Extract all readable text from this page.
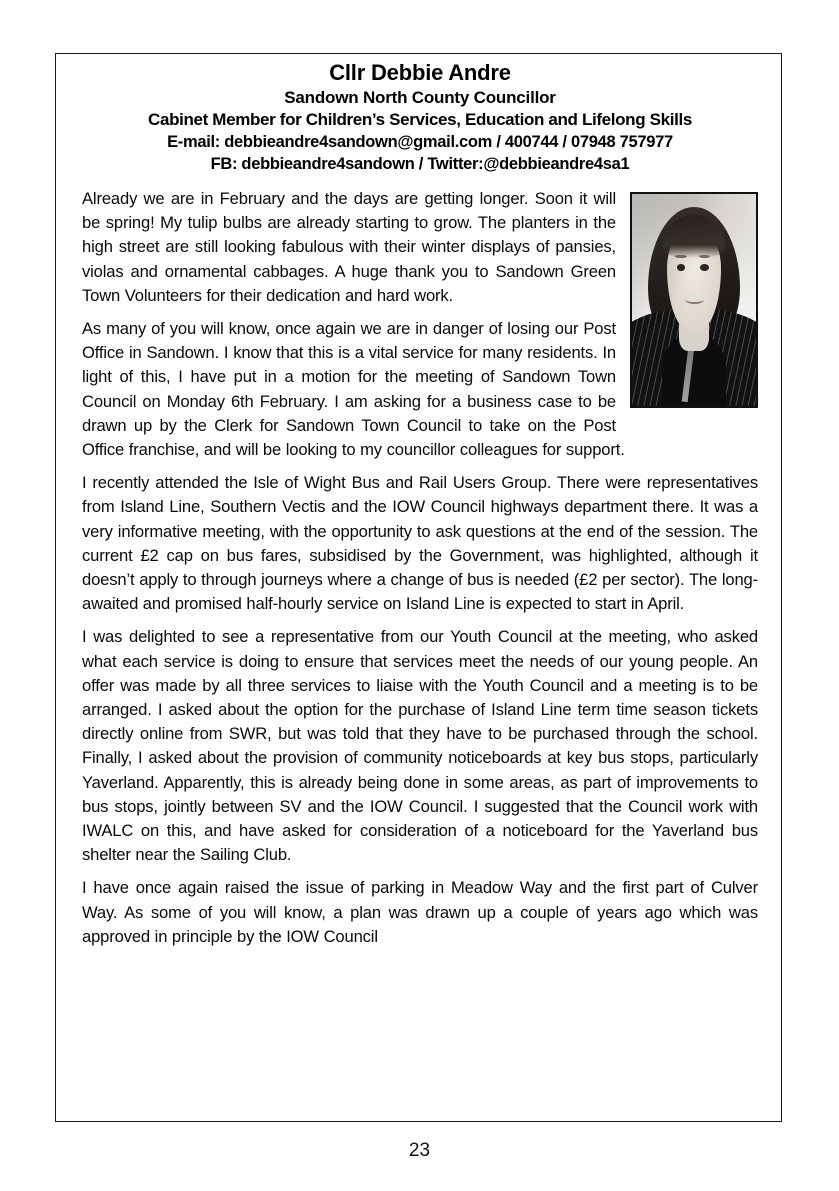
Cllr Debbie Andre
Sandown North County Councillor
Cabinet Member for Children’s Services, Education and Lifelong Skills
E-mail: debbieandre4sandown@gmail.com / 400744 / 07948 757977
FB: debbieandre4sandown / Twitter:@debbieandre4sa1

Already we are in February and the days are getting longer. Soon it will be spring! My tulip bulbs are already starting to grow. The planters in the high street are still looking fabulous with their winter displays of pansies, violas and ornamental cabbages. A huge thank you to Sandown Green Town Volunteers for their dedication and hard work.

As many of you will know, once again we are in danger of losing our Post Office in Sandown. I know that this is a vital service for many residents. In light of this, I have put in a motion for the meeting of Sandown Town Council on Monday 6th February. I am asking for a business case to be drawn up by the Clerk for Sandown Town Council to take on the Post Office franchise, and will be looking to my councillor colleagues for support.

I recently attended the Isle of Wight Bus and Rail Users Group. There were representatives from Island Line, Southern Vectis and the IOW Council highways department there. It was a very informative meeting, with the opportunity to ask questions at the end of the session. The current £2 cap on bus fares, subsidised by the Government, was highlighted, although it doesn’t apply to through journeys where a change of bus is needed (£2 per sector). The long-awaited and promised half-hourly service on Island Line is expected to start in April.

I was delighted to see a representative from our Youth Council at the meeting, who asked what each service is doing to ensure that services meet the needs of our young people. An offer was made by all three services to liaise with the Youth Council and a meeting is to be arranged. I asked about the option for the purchase of Island Line term time season tickets directly online from SWR, but was told that they have to be purchased through the school. Finally, I asked about the provision of community noticeboards at key bus stops, particularly Yaverland. Apparently, this is already being done in some areas, as part of improvements to bus stops, jointly between SV and the IOW Council. I suggested that the Council work with IWALC on this, and have asked for consideration of a noticeboard for the Yaverland bus shelter near the Sailing Club.

I have once again raised the issue of parking in Meadow Way and the first part of Culver Way. As some of you will know, a plan was drawn up a couple of years ago which was approved in principle by the IOW Council

23
